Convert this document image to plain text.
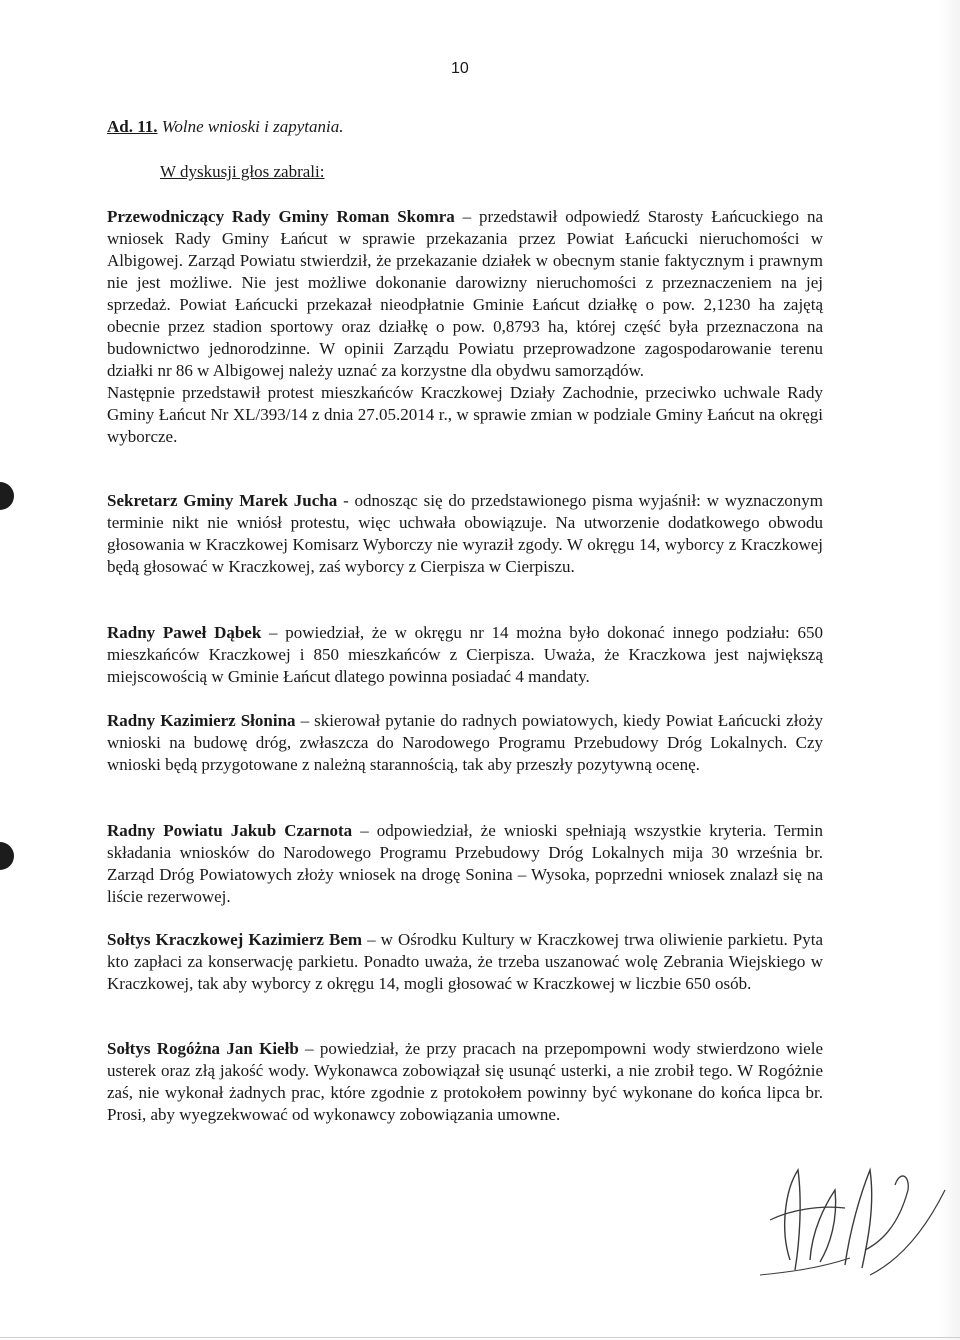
10
Ad. 11. Wolne wnioski i zapytania.
W dyskusji głos zabrali:
Przewodniczący Rady Gminy Roman Skomra – przedstawił odpowiedź Starosty Łańcuckiego na wniosek Rady Gminy Łańcut w sprawie przekazania przez Powiat Łańcucki nieruchomości w Albigowej. Zarząd Powiatu stwierdził, że przekazanie działek w obecnym stanie faktycznym i prawnym nie jest możliwe. Nie jest możliwe dokonanie darowizny nieruchomości z przeznaczeniem na jej sprzedaż. Powiat Łańcucki przekazał nieodpłatnie Gminie Łańcut działkę o pow. 2,1230 ha zajętą obecnie przez stadion sportowy oraz działkę o pow. 0,8793 ha, której część była przeznaczona na budownictwo jednorodzinne. W opinii Zarządu Powiatu przeprowadzone zagospodarowanie terenu działki nr 86 w Albigowej należy uznać za korzystne dla obydwu samorządów.
Następnie przedstawił protest mieszkańców Kraczkowej Działy Zachodnie, przeciwko uchwale Rady Gminy Łańcut Nr XL/393/14 z dnia 27.05.2014 r., w sprawie zmian w podziale Gminy Łańcut na okręgi wyborcze.
Sekretarz Gminy Marek Jucha - odnosząc się do przedstawionego pisma wyjaśnił: w wyznaczonym terminie nikt nie wniósł protestu, więc uchwała obowiązuje. Na utworzenie dodatkowego obwodu głosowania w Kraczkowej Komisarz Wyborczy nie wyraził zgody. W okręgu 14, wyborcy z Kraczkowej będą głosować w Kraczkowej, zaś wyborcy z Cierpisza w Cierpiszu.
Radny Paweł Dąbek – powiedział, że w okręgu nr 14 można było dokonać innego podziału: 650 mieszkańców Kraczkowej i 850 mieszkańców z Cierpisza. Uważa, że Kraczkowa jest największą miejscowością w Gminie Łańcut dlatego powinna posiadać 4 mandaty.
Radny Kazimierz Słonina – skierował pytanie do radnych powiatowych, kiedy Powiat Łańcucki złoży wnioski na budowę dróg, zwłaszcza do Narodowego Programu Przebudowy Dróg Lokalnych. Czy wnioski będą przygotowane z należną starannością, tak aby przeszły pozytywną ocenę.
Radny Powiatu Jakub Czarnota – odpowiedział, że wnioski spełniają wszystkie kryteria. Termin składania wniosków do Narodowego Programu Przebudowy Dróg Lokalnych mija 30 września br. Zarząd Dróg Powiatowych złoży wniosek na drogę Sonina – Wysoka, poprzedni wniosek znalazł się na liście rezerwowej.
Sołtys Kraczkowej Kazimierz Bem – w Ośrodku Kultury w Kraczkowej trwa oliwienie parkietu. Pyta kto zapłaci za konserwację parkietu. Ponadto uważa, że trzeba uszanować wolę Zebrania Wiejskiego w Kraczkowej, tak aby wyborcy z okręgu 14, mogli głosować w Kraczkowej w liczbie 650 osób.
Sołtys Rogóżna Jan Kiełb – powiedział, że przy pracach na przepompowni wody stwierdzono wiele usterek oraz złą jakość wody. Wykonawca zobowiązał się usunąć usterki, a nie zrobił tego. W Rogóżnie zaś, nie wykonał żadnych prac, które zgodnie z protokołem powinny być wykonane do końca lipca br. Prosi, aby wyegzekwować od wykonawcy zobowiązania umowne.
